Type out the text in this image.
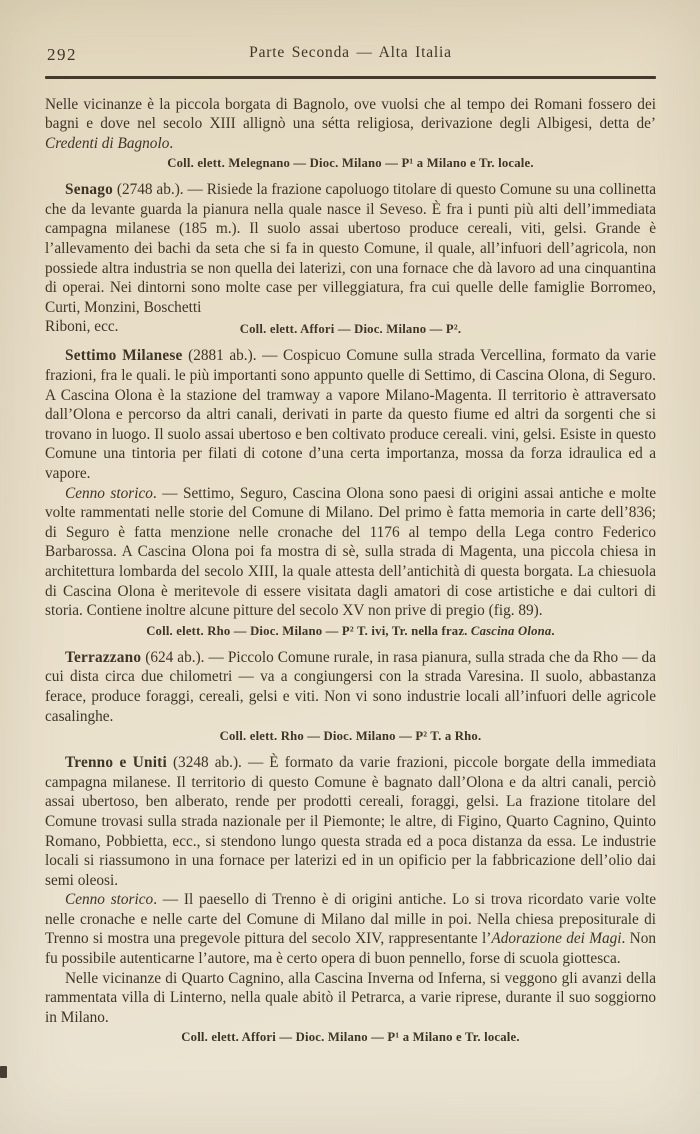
292	Parte Seconda — Alta Italia

Nelle vicinanze è la piccola borgata di Bagnolo, ove vuolsi che al tempo dei Romani fossero dei bagni e dove nel secolo XIII allignò una sétta religiosa, derivazione degli Albigesi, detta de’ Credenti di Bagnolo.

Coll. elett. Melegnano — Dioc. Milano — P¹ a Milano e Tr. locale.

Senago (2748 ab.). — Risiede la frazione capoluogo titolare di questo Comune su una collinetta che da levante guarda la pianura nella quale nasce il Seveso. È fra i punti più alti dell’immediata campagna milanese (185 m.). Il suolo assai ubertoso produce cereali, viti, gelsi. Grande è l’allevamento dei bachi da seta che si fa in questo Comune, il quale, all’infuori dell’agricola, non possiede altra industria se non quella dei laterizi, con una fornace che dà lavoro ad una cinquantina di operai. Nei dintorni sono molte case per villeggiatura, fra cui quelle delle famiglie Borromeo, Curti, Monzini, Boschetti

Riboni, ecc.	Coll. elett. Affori — Dioc. Milano — P².

Settimo Milanese (2881 ab.). — Cospicuo Comune sulla strada Vercellina, formato da varie frazioni, fra le quali. le più importanti sono appunto quelle di Settimo, di Cascina Olona, di Seguro. A Cascina Olona è la stazione del tramway a vapore Milano-Magenta. Il territorio è attraversato dall’Olona e percorso da altri canali, derivati in parte da questo fiume ed altri da sorgenti che si trovano in luogo. Il suolo assai ubertoso e ben coltivato produce cereali. vini, gelsi. Esiste in questo Comune una tintoria per filati di cotone d’una certa importanza, mossa da forza idraulica ed a vapore.

Cenno storico. — Settimo, Seguro, Cascina Olona sono paesi di origini assai antiche e molte volte rammentati nelle storie del Comune di Milano. Del primo è fatta memoria in carte dell’836; di Seguro è fatta menzione nelle cronache del 1176 al tempo della Lega contro Federico Barbarossa. A Cascina Olona poi fa mostra di sè, sulla strada di Magenta, una piccola chiesa in architettura lombarda del secolo XIII, la quale attesta dell’antichità di questa borgata. La chiesuola di Cascina Olona è meritevole di essere visitata dagli amatori di cose artistiche e dai cultori di storia. Contiene inoltre alcune pitture del secolo XV non prive di pregio (fig. 89).

Coll. elett. Rho — Dioc. Milano — P² T. ivi, Tr. nella fraz. Cascina Olona.

Terrazzano (624 ab.). — Piccolo Comune rurale, in rasa pianura, sulla strada che da Rho — da cui dista circa due chilometri — va a congiungersi con la strada Varesina. Il suolo, abbastanza ferace, produce foraggi, cereali, gelsi e viti. Non vi sono industrie locali all’infuori delle agricole casalinghe.

Coll. elett. Rho — Dioc. Milano — P² T. a Rho.

Trenno e Uniti (3248 ab.). — È formato da varie frazioni, piccole borgate della immediata campagna milanese. Il territorio di questo Comune è bagnato dall’Olona e da altri canali, perciò assai ubertoso, ben alberato, rende per prodotti cereali, foraggi, gelsi. La frazione titolare del Comune trovasi sulla strada nazionale per il Piemonte; le altre, di Figino, Quarto Cagnino, Quinto Romano, Pobbietta, ecc., si stendono lungo questa strada ed a poca distanza da essa. Le industrie locali si riassumono in una fornace per laterizi ed in un opificio per la fabbricazione dell’olio dai semi oleosi.

Cenno storico. — Il paesello di Trenno è di origini antiche. Lo si trova ricordato varie volte nelle cronache e nelle carte del Comune di Milano dal mille in poi. Nella chiesa prepositurale di Trenno si mostra una pregevole pittura del secolo XIV, rappresentante l’Adorazione dei Magi. Non fu possibile autenticarne l’autore, ma è certo opera di buon pennello, forse di scuola giottesca.

Nelle vicinanze di Quarto Cagnino, alla Cascina Inverna od Inferna, si veggono gli avanzi della rammentata villa di Linterno, nella quale abitò il Petrarca, a varie riprese, durante il suo soggiorno in Milano.

Coll. elett. Affori — Dioc. Milano — P¹ a Milano e Tr. locale.
